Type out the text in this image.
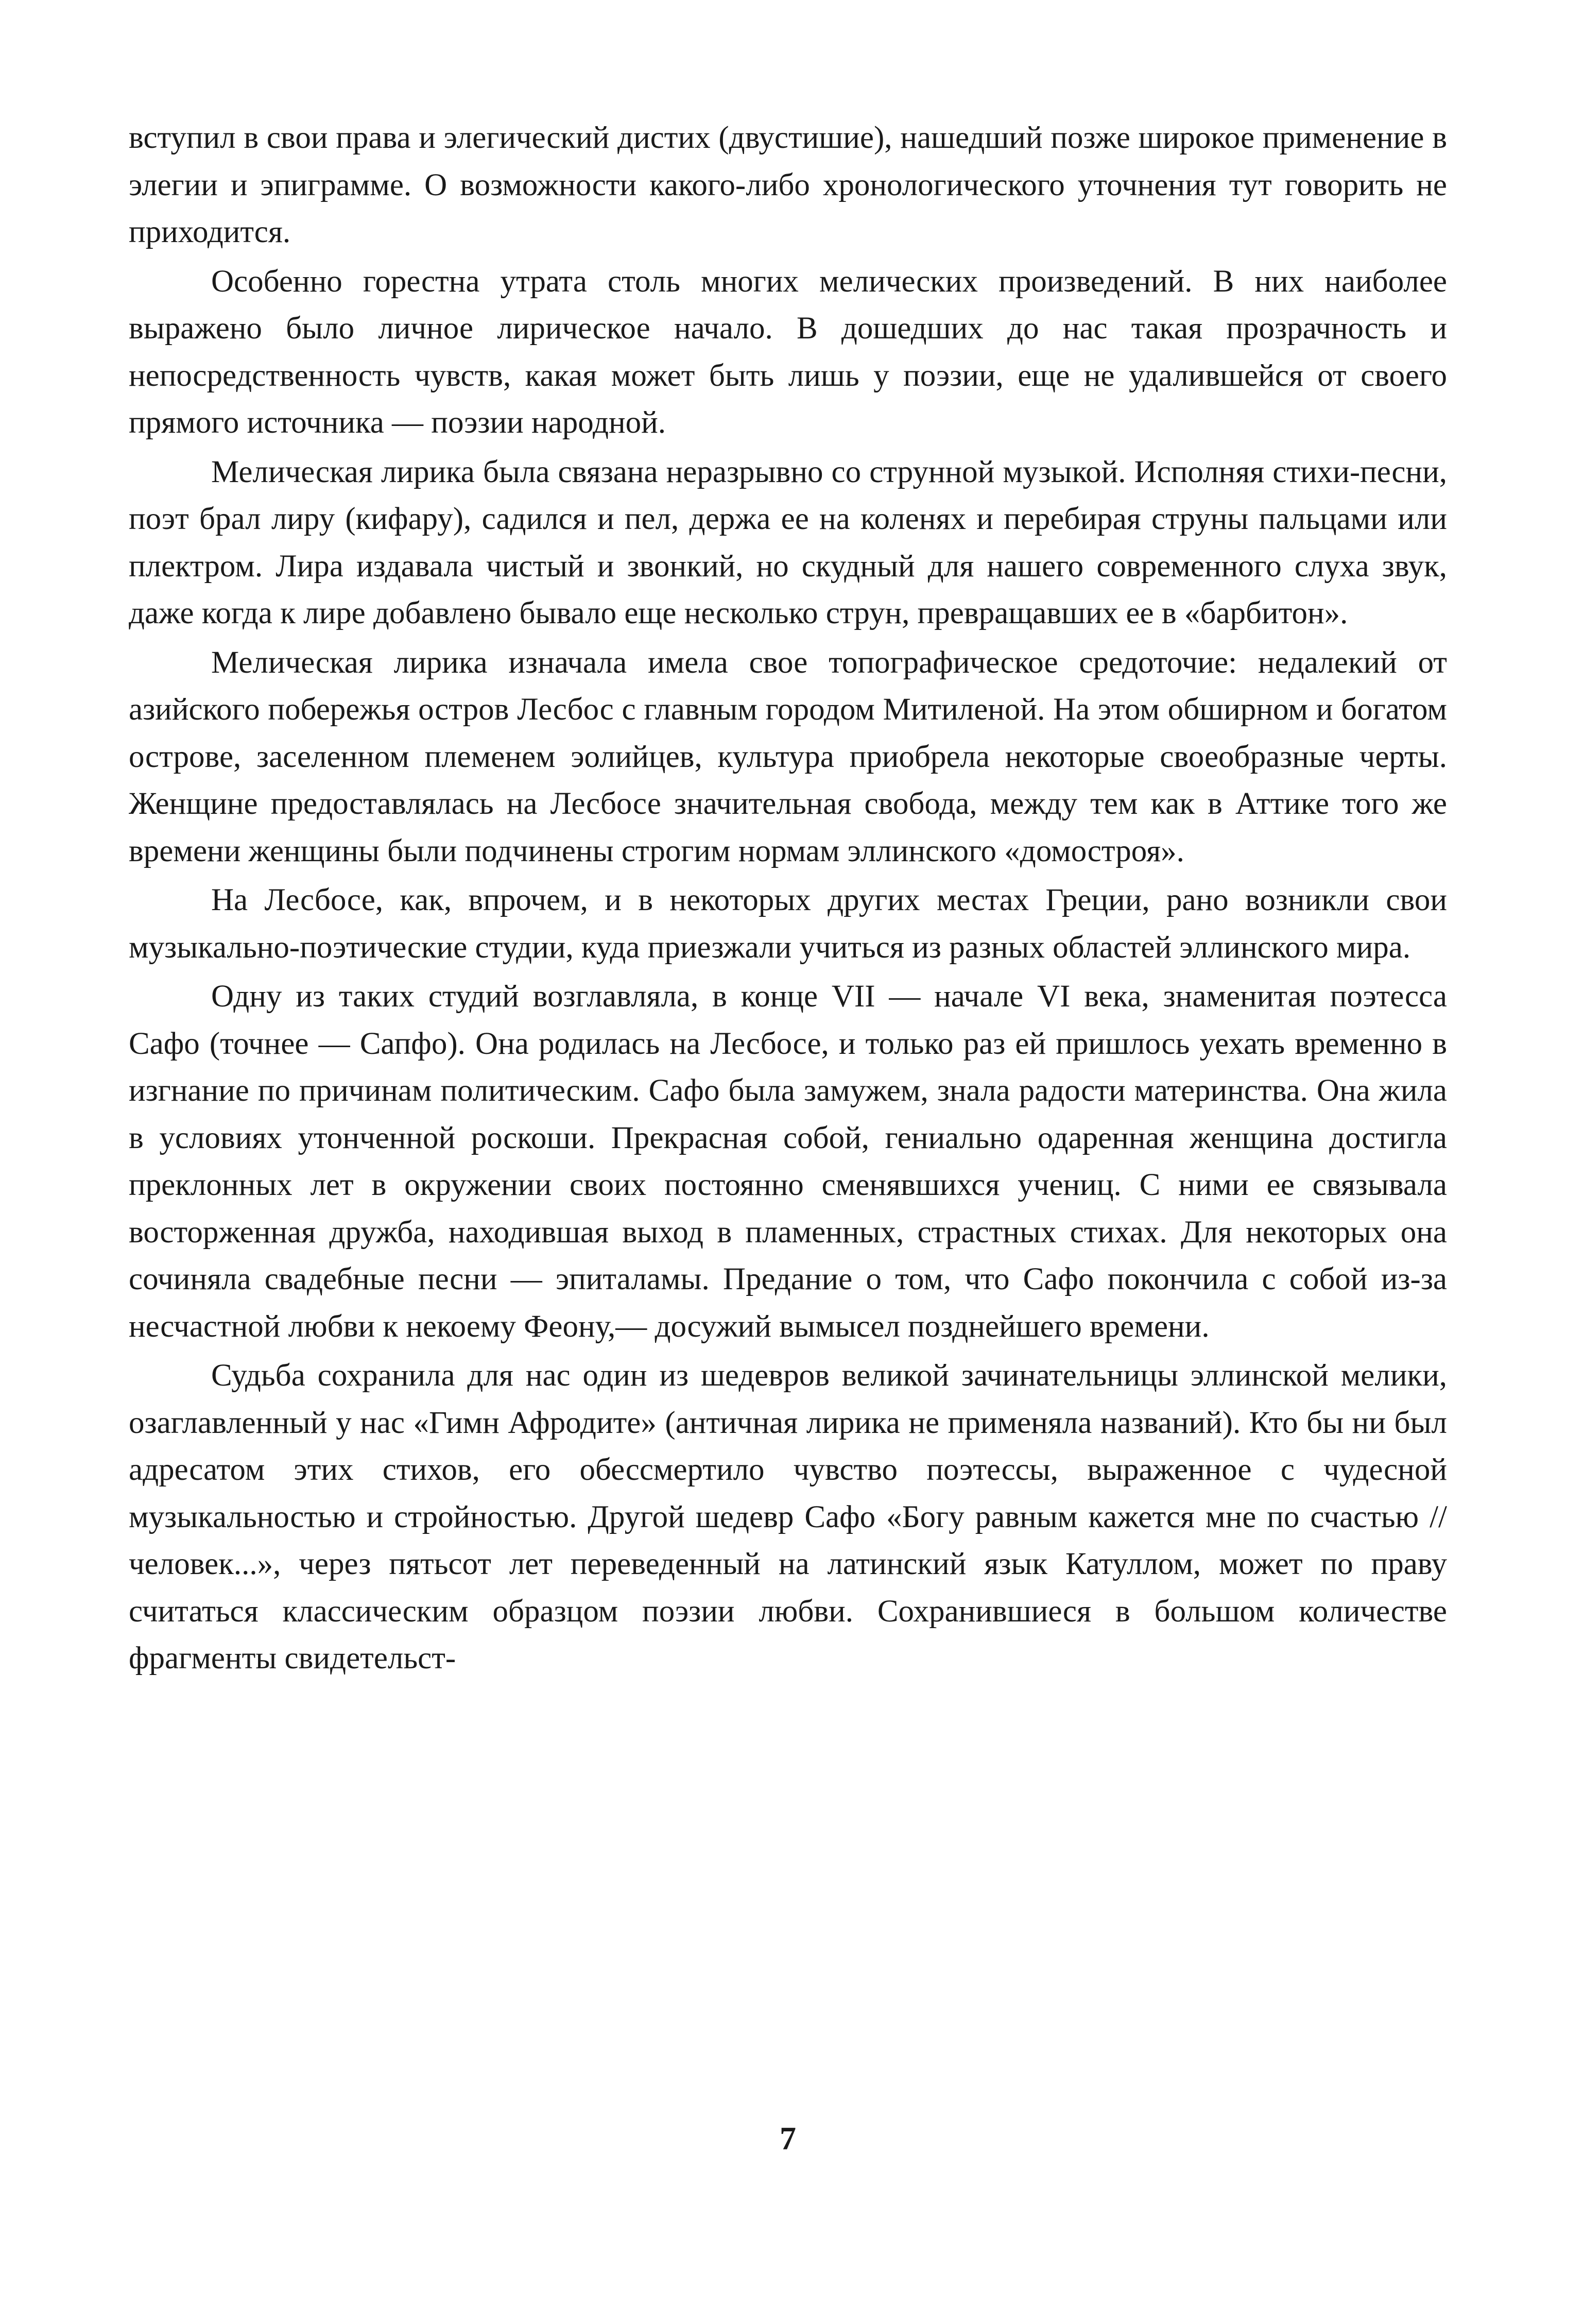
вступил в свои права и элегический дистих (двустишие), нашедший позже широкое применение в элегии и эпиграмме. О возможности какого-либо хронологического уточнения тут говорить не приходится.

Особенно горестна утрата столь многих мелических произведений. В них наиболее выражено было личное лирическое начало. В дошедших до нас такая прозрачность и непосредственность чувств, какая может быть лишь у поэзии, еще не удалившейся от своего прямого источника — поэзии народной.

Мелическая лирика была связана неразрывно со струнной музыкой. Исполняя стихи-песни, поэт брал лиру (кифару), садился и пел, держа ее на коленях и перебирая струны пальцами или плектром. Лира издавала чистый и звонкий, но скудный для нашего современного слуха звук, даже когда к лире добавлено бывало еще несколько струн, превращавших ее в «барбитон».

Мелическая лирика изначала имела свое топографическое средоточие: недалекий от азийского побережья остров Лесбос с главным городом Митиленой. На этом обширном и богатом острове, заселенном племенем эолийцев, культура приобрела некоторые своеобразные черты. Женщине предоставлялась на Лесбосе значительная свобода, между тем как в Аттике того же времени женщины были подчинены строгим нормам эллинского «домостроя».

На Лесбосе, как, впрочем, и в некоторых других местах Греции, рано возникли свои музыкально-поэтические студии, куда приезжали учиться из разных областей эллинского мира.

Одну из таких студий возглавляла, в конце VII — начале VI века, знаменитая поэтесса Сафо (точнее — Сапфо). Она родилась на Лесбосе, и только раз ей пришлось уехать временно в изгнание по причинам политическим. Сафо была замужем, знала радости материнства. Она жила в условиях утонченной роскоши. Прекрасная собой, гениально одаренная женщина достигла преклонных лет в окружении своих постоянно сменявшихся учениц. С ними ее связывала восторженная дружба, находившая выход в пламенных, страстных стихах. Для некоторых она сочиняла свадебные песни — эпиталамы. Предание о том, что Сафо покончила с собой из-за несчастной любви к некоему Феону,— досужий вымысел позднейшего времени.

Судьба сохранила для нас один из шедевров великой зачинательницы эллинской мелики, озаглавленный у нас «Гимн Афродите» (античная лирика не применяла названий). Кто бы ни был адресатом этих стихов, его обессмертило чувство поэтессы, выраженное с чудесной музыкальностью и стройностью. Другой шедевр Сафо «Богу равным кажется мне по счастью // человек...», через пятьсот лет переведенный на латинский язык Катуллом, может по праву считаться классическим образцом поэзии любви. Сохранившиеся в большом количестве фрагменты свидетельст-

7
